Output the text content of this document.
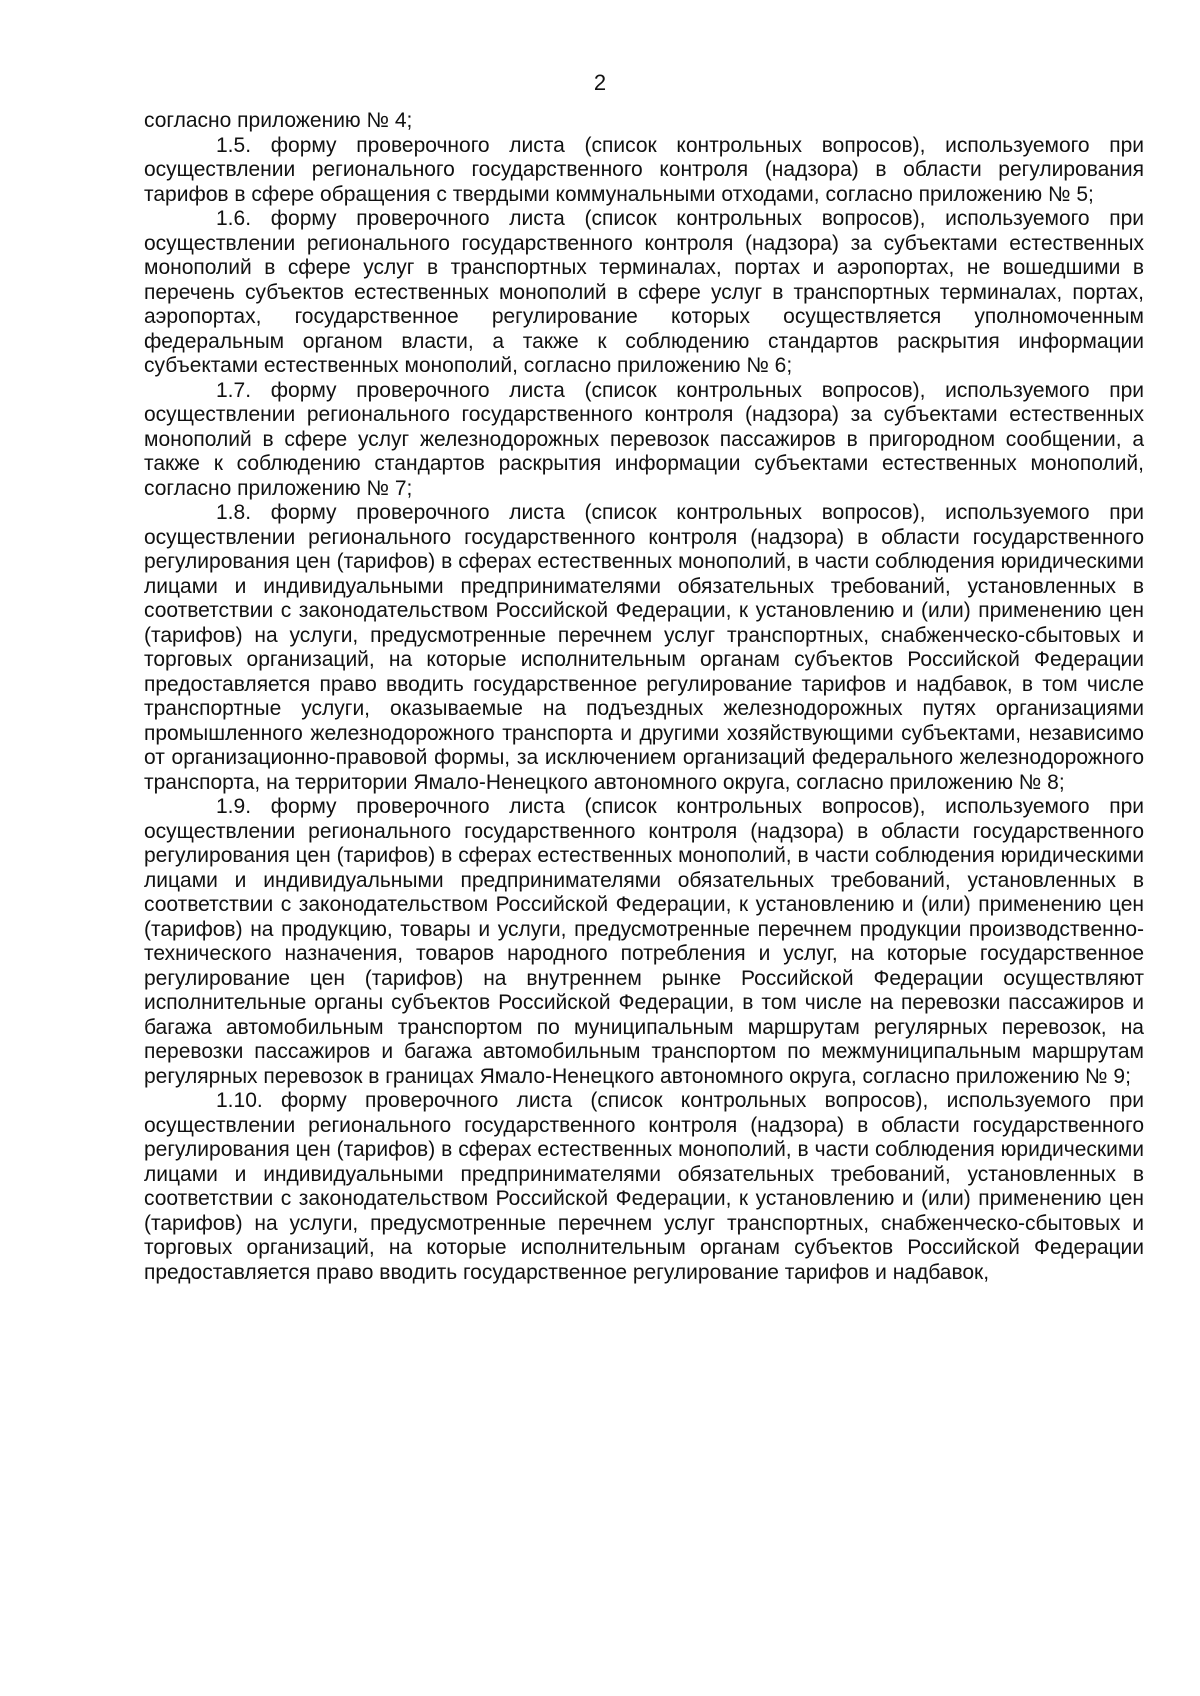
2

согласно приложению № 4;

1.5. форму проверочного листа (список контрольных вопросов), используемого при осуществлении регионального государственного контроля (надзора) в области регулирования тарифов в сфере обращения с твердыми коммунальными отходами, согласно приложению № 5;

1.6. форму проверочного листа (список контрольных вопросов), используемого при осуществлении регионального государственного контроля (надзора) за субъектами естественных монополий в сфере услуг в транспортных терминалах, портах и аэропортах, не вошедшими в перечень субъектов естественных монополий в сфере услуг в транспортных терминалах, портах, аэропортах, государственное регулирование которых осуществляется уполномоченным федеральным органом власти, а также к соблюдению стандартов раскрытия информации субъектами естественных монополий, согласно приложению № 6;

1.7. форму проверочного листа (список контрольных вопросов), используемого при осуществлении регионального государственного контроля (надзора) за субъектами естественных монополий в сфере услуг железнодорожных перевозок пассажиров в пригородном сообщении, а также к соблюдению стандартов раскрытия информации субъектами естественных монополий, согласно приложению № 7;

1.8. форму проверочного листа (список контрольных вопросов), используемого при осуществлении регионального государственного контроля (надзора) в области государственного регулирования цен (тарифов) в сферах естественных монополий, в части соблюдения юридическими лицами и индивидуальными предпринимателями обязательных требований, установленных в соответствии с законодательством Российской Федерации, к установлению и (или) применению цен (тарифов) на услуги, предусмотренные перечнем услуг транспортных, снабженческо-сбытовых и торговых организаций, на которые исполнительным органам субъектов Российской Федерации предоставляется право вводить государственное регулирование тарифов и надбавок, в том числе транспортные услуги, оказываемые на подъездных железнодорожных путях организациями промышленного железнодорожного транспорта и другими хозяйствующими субъектами, независимо от организационно-правовой формы, за исключением организаций федерального железнодорожного транспорта, на территории Ямало-Ненецкого автономного округа, согласно приложению № 8;

1.9. форму проверочного листа (список контрольных вопросов), используемого при осуществлении регионального государственного контроля (надзора) в области государственного регулирования цен (тарифов) в сферах естественных монополий, в части соблюдения юридическими лицами и индивидуальными предпринимателями обязательных требований, установленных в соответствии с законодательством Российской Федерации, к установлению и (или) применению цен (тарифов) на продукцию, товары и услуги, предусмотренные перечнем продукции производственно-технического назначения, товаров народного потребления и услуг, на которые государственное регулирование цен (тарифов) на внутреннем рынке Российской Федерации осуществляют исполнительные органы субъектов Российской Федерации, в том числе на перевозки пассажиров и багажа автомобильным транспортом по муниципальным маршрутам регулярных перевозок, на перевозки пассажиров и багажа автомобильным транспортом по межмуниципальным маршрутам регулярных перевозок в границах Ямало-Ненецкого автономного округа, согласно приложению № 9;

1.10. форму проверочного листа (список контрольных вопросов), используемого при осуществлении регионального государственного контроля (надзора) в области государственного регулирования цен (тарифов) в сферах естественных монополий, в части соблюдения юридическими лицами и индивидуальными предпринимателями обязательных требований, установленных в соответствии с законодательством Российской Федерации, к установлению и (или) применению цен (тарифов) на услуги, предусмотренные перечнем услуг транспортных, снабженческо-сбытовых и торговых организаций, на которые исполнительным органам субъектов Российской Федерации предоставляется право вводить государственное регулирование тарифов и надбавок,
